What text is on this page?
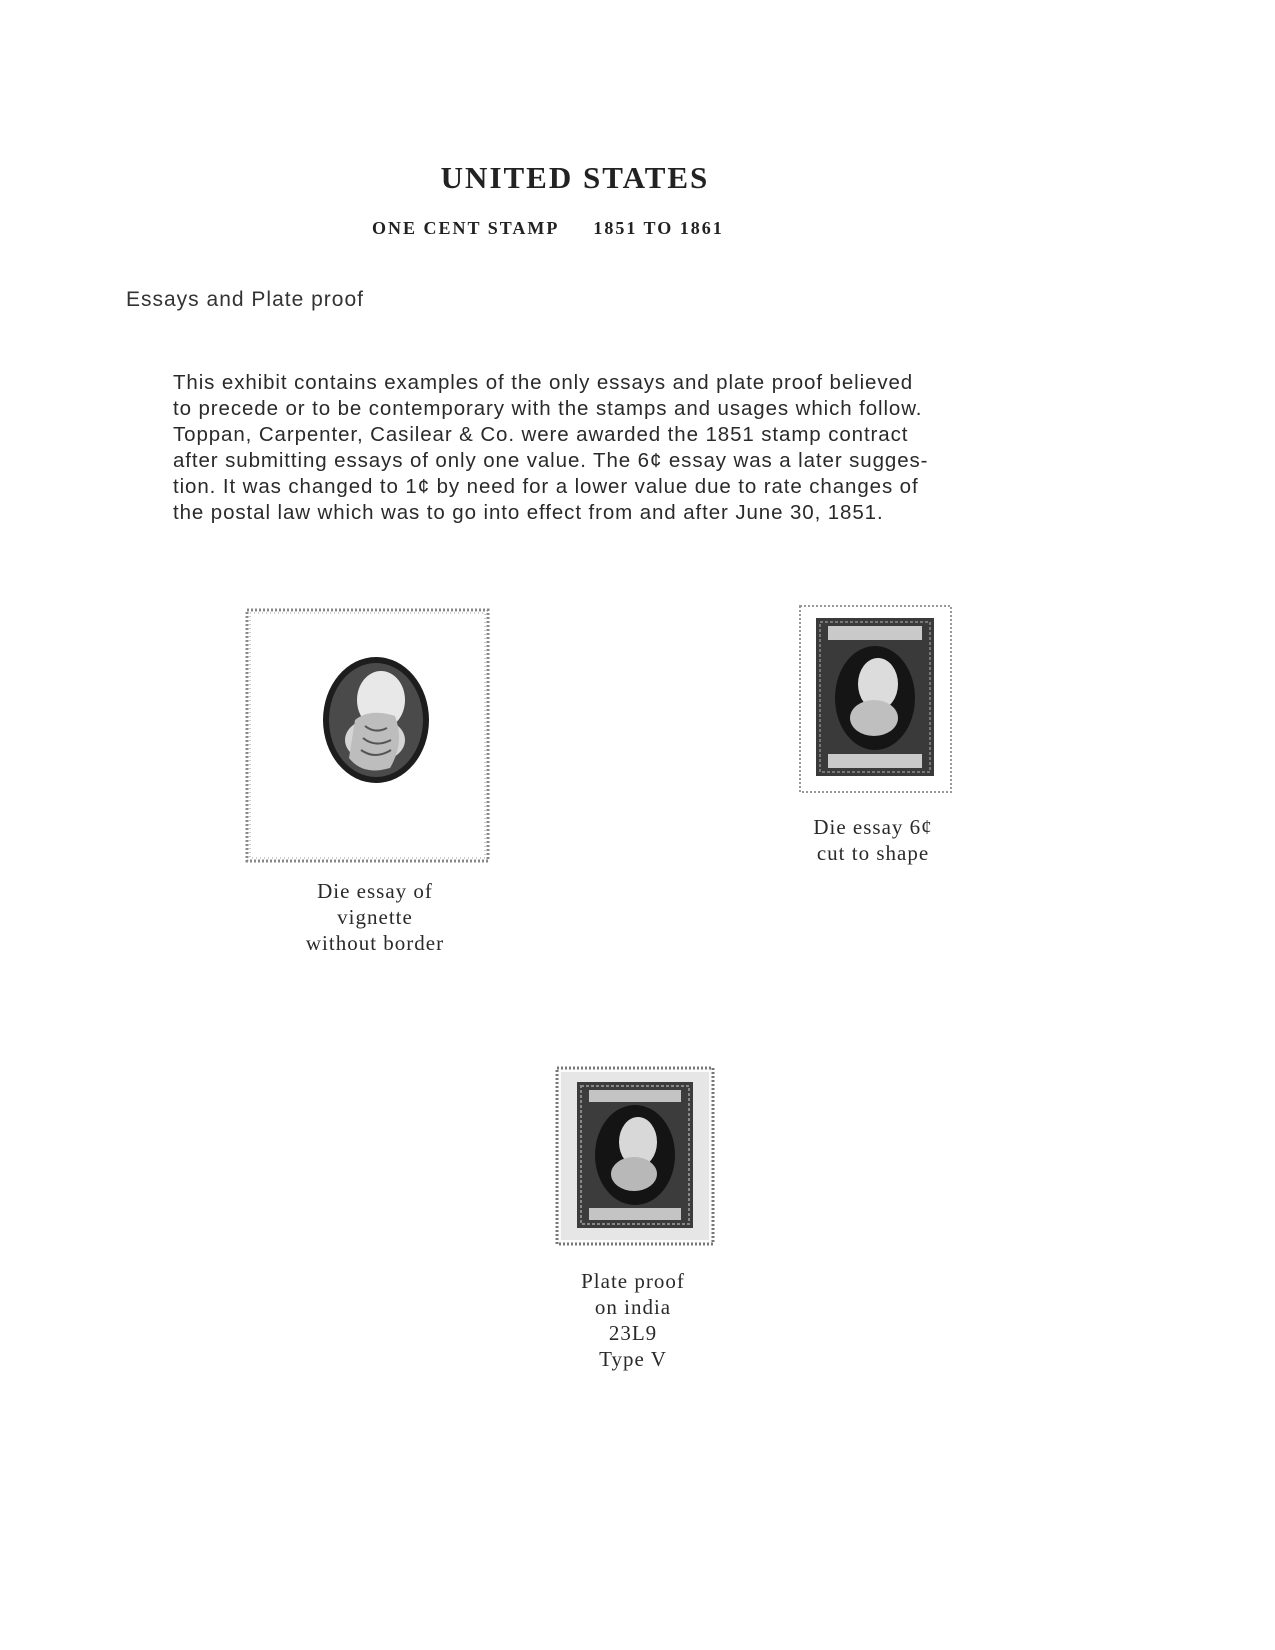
UNITED STATES
ONE CENT STAMP 1851 TO 1861
Essays and Plate proof

This exhibit contains examples of the only essays and plate proof believed
to precede or to be contemporary with the stamps and usages which follow.
Toppan, Carpenter, Casilear & Co. were awarded the 1851 stamp contract
after submitting essays of only one value. The 6¢ essay was a later sugges-
tion. It was changed to 1¢ by need for a lower value due to rate changes of
the postal law which was to go into effect from and after June 30, 1851.

Die essay of
vignette
without border
Die essay 6¢
cut to shape
Plate proof
on india
23L9
Type V
